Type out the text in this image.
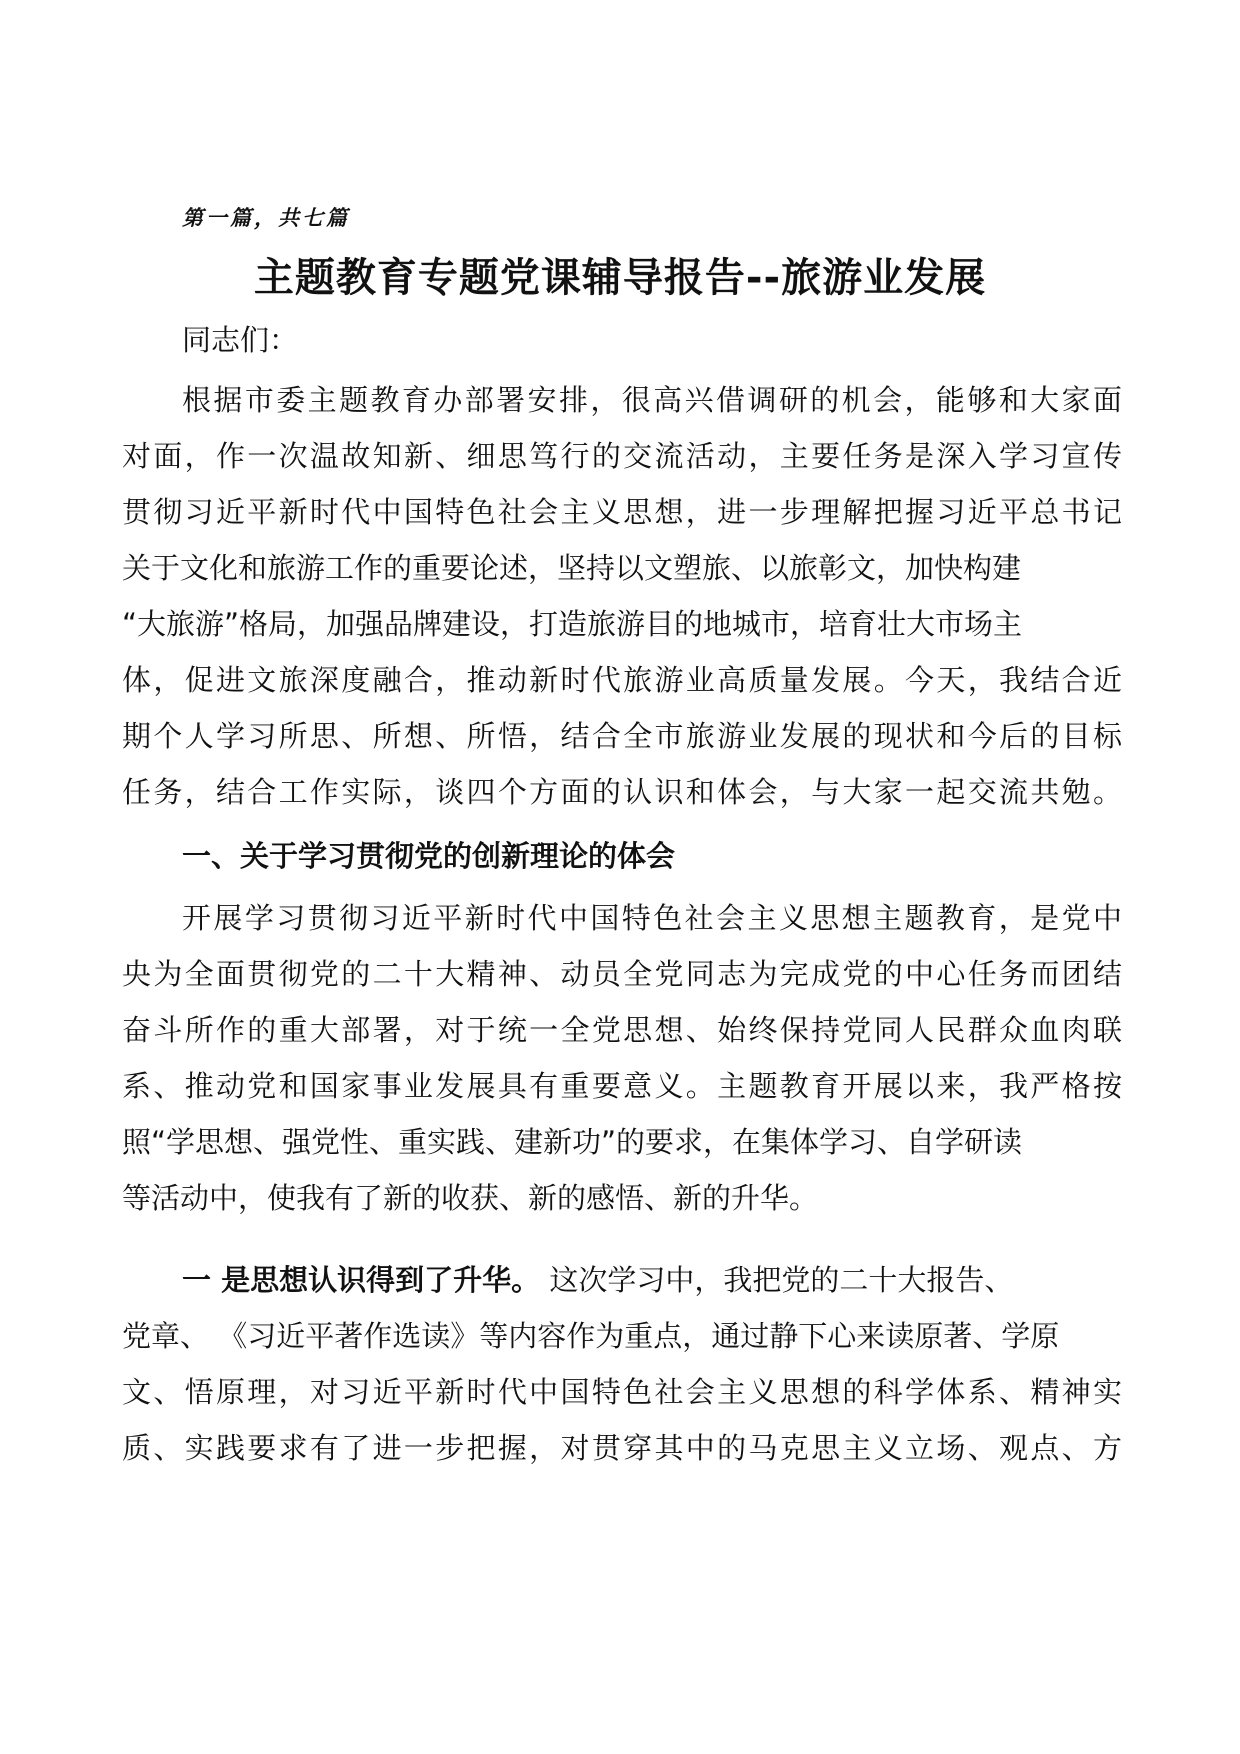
第一篇，共七篇
主题教育专题党课辅导报告--旅游业发展
同志们：
根据市委主题教育办部署安排，很高兴借调研的机会，能够和大家面
对面，作一次温故知新、细思笃行的交流活动，主要任务是深入学习宣传
贯彻习近平新时代中国特色社会主义思想，进一步理解把握习近平总书记
关于文化和旅游工作的重要论述，坚持以文塑旅、以旅彰文，加快构建
“大旅游”格局，加强品牌建设，打造旅游目的地城市，培育壮大市场主
体，促进文旅深度融合，推动新时代旅游业高质量发展。今天，我结合近
期个人学习所思、所想、所悟，结合全市旅游业发展的现状和今后的目标
任务，结合工作实际，谈四个方面的认识和体会，与大家一起交流共勉。
一、关于学习贯彻党的创新理论的体会
开展学习贯彻习近平新时代中国特色社会主义思想主题教育，是党中
央为全面贯彻党的二十大精神、动员全党同志为完成党的中心任务而团结
奋斗所作的重大部署，对于统一全党思想、始终保持党同人民群众血肉联
系、推动党和国家事业发展具有重要意义。主题教育开展以来，我严格按
照“学思想、强党性、重实践、建新功”的要求，在集体学习、自学研读
等活动中，使我有了新的收获、新的感悟、新的升华。
一 是思想认识得到了升华。 这次学习中，我把党的二十大报告、
党章、 《习近平著作选读》等内容作为重点，通过静下心来读原著、学原
文、悟原理，对习近平新时代中国特色社会主义思想的科学体系、精神实
质、实践要求有了进一步把握，对贯穿其中的马克思主义立场、观点、方
